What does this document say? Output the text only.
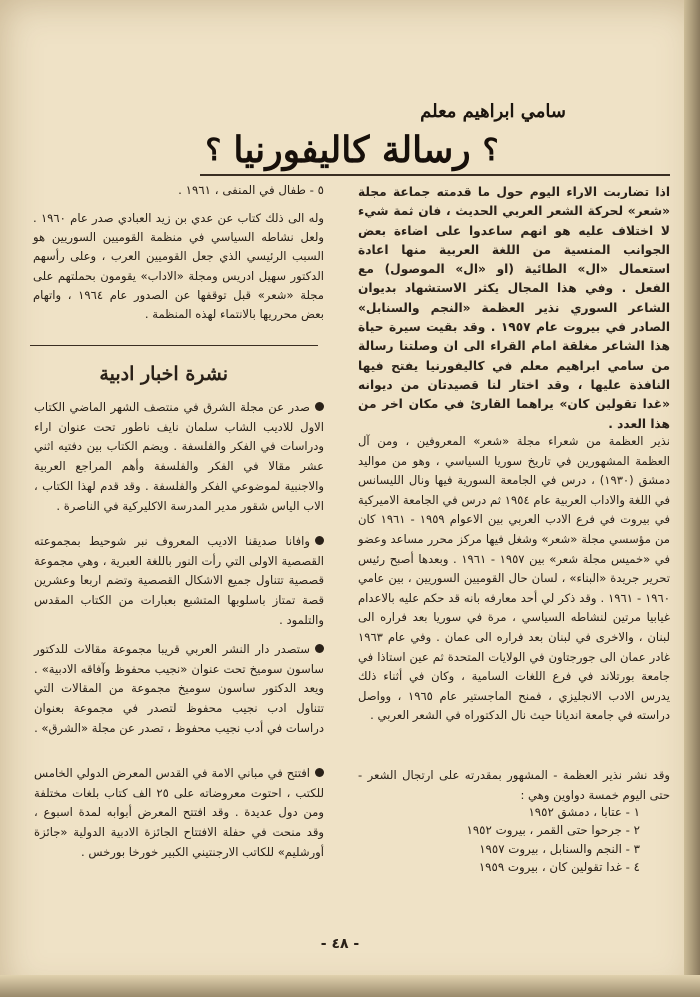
سامي ابراهيم معلم
؟
رسالة كاليفورنيا
؟

اذا تضاربت الاراء اليوم حول ما قدمته جماعة مجلة «شعر» لحركة الشعر العربي الحديث ، فان ثمة شيء لا اختلاف عليه هو انهم ساعدوا على اضاءة بعض الجوانب المنسية من اللغة العربية منها اعادة استعمال «ال» الطائية (او «ال» الموصول) مع الفعل . وفي هذا المجال يكثر الاستشهاد بديوان الشاعر السوري نذير العظمة «النجم والسنابل» الصادر في بيروت عام ١٩٥٧ . وقد بقيت سيرة حياة هذا الشاعر مغلقة امام القراء الى ان وصلتنا رسالة من سامي ابراهيم معلم في كاليفورنيا يفتح فيها النافذة عليها ، وقد اختار لنا قصيدتان من ديوانه «غدا تقولين كان» يراهما القارئ في مكان اخر من هذا العدد .

نذير العظمة من شعراء مجلة «شعر» المعروفين ، ومن آل العظمة المشهورين في تاريخ سوريا السياسي ، وهو من مواليد دمشق (١٩٣٠) ، درس في الجامعة السورية فيها ونال الليسانس في اللغة والاداب العربية عام ١٩٥٤ ثم درس في الجامعة الاميركية في بيروت في فرع الادب العربي بين الاعوام ١٩٥٩ - ١٩٦١ كان من مؤسسي مجلة «شعر» وشغل فيها مركز محرر مساعد وعضو في «خميس مجلة شعر» بين ١٩٥٧ - ١٩٦١ . وبعدها أصبح رئيس تحرير جريدة «البناء» ، لسان حال القوميين السوريين ، بين عامي ١٩٦٠ - ١٩٦١ . وقد ذكر لي أحد معارفه بانه قد حكم عليه بالاعدام غيابيا مرتين لنشاطه السياسي ، مرة في سوريا بعد فراره الى لبنان ، والاخرى في لبنان بعد فراره الى عمان . وفي عام ١٩٦٣ غادر عمان الى جورجتاون في الولايات المتحدة ثم عين استاذا في جامعة بورتلاند في فرع اللغات السامية ، وكان في أثناء ذلك يدرس الادب الانجليزي ، فمنح الماجستير عام ١٩٦٥ ، وواصل دراسته في جامعة انديانا حيث نال الدكتوراه في الشعر العربي .

وقد نشر نذير العظمة - المشهور بمقدرته على ارتجال الشعر - حتى اليوم خمسة دواوين وهي :

١ - عتابا ، دمشق ١٩٥٢
٢ - جرحوا حتى القمر ، بيروت ١٩٥٢
٣ - النجم والسنابل ، بيروت ١٩٥٧
٤ - غدا تقولين كان ، بيروت ١٩٥٩
٥ - طفال في المنفى ، ١٩٦١ .

وله الى ذلك كتاب عن عدي بن زيد العبادي صدر عام ١٩٦٠ . ولعل نشاطه السياسي في منظمة القوميين السوريين هو السبب الرئيسي الذي جعل القوميين العرب ، وعلى رأسهم الدكتور سهيل ادريس ومجلة «الاداب» يقومون بحملتهم على مجلة «شعر» قبل توقفها عن الصدور عام ١٩٦٤ ، واتهام بعض محرريها بالانتماء لهذه المنظمة .

نشرة اخبار ادبية

صدر عن مجلة الشرق في منتصف الشهر الماضي الكتاب الاول للاديب الشاب سلمان نايف ناطور تحت عنوان اراء ودراسات في الفكر والفلسفة . ويضم الكتاب بين دفتيه اثني عشر مقالا في الفكر والفلسفة وأهم المراجع العربية والاجنبية لموضوعي الفكر والفلسفة . وقد قدم لهذا الكتاب ، الاب الياس شقور مدير المدرسة الاكليركية في الناصرة .

وافانا صديقنا الاديب المعروف نبر شوحيط بمجموعته القصصية الاولى التي رأت النور باللغة العبرية ، وهي مجموعة قصصية تتناول جميع الاشكال القصصية وتضم اربعا وعشرين قصة تمتاز باسلوبها المتشبع بعبارات من الكتاب المقدس والتلمود .

ستصدر دار النشر العربي قريبا مجموعة مقالات للدكتور ساسون سوميخ تحت عنوان «نجيب محفوظ وآفاقه الادبية» . ويعد الدكتور ساسون سوميخ مجموعة من المقالات التي تتناول ادب نجيب محفوظ لتصدر في مجموعة بعنوان دراسات في أدب نجيب محفوظ ، تصدر عن مجلة «الشرق» .

افتتح في مباني الامة في القدس المعرض الدولي الخامس للكتب ، احتوت معروضاته على ٢٥ الف كتاب بلغات مختلفة ومن دول عديدة . وقد افتتح المعرض أبوابه لمدة اسبوع ، وقد منحت في حفلة الافتتاح الجائزة الادبية الدولية «جائزة أورشليم» للكاتب الارجنتيني الكبير خورخا بورخس .

- ٤٨ -
